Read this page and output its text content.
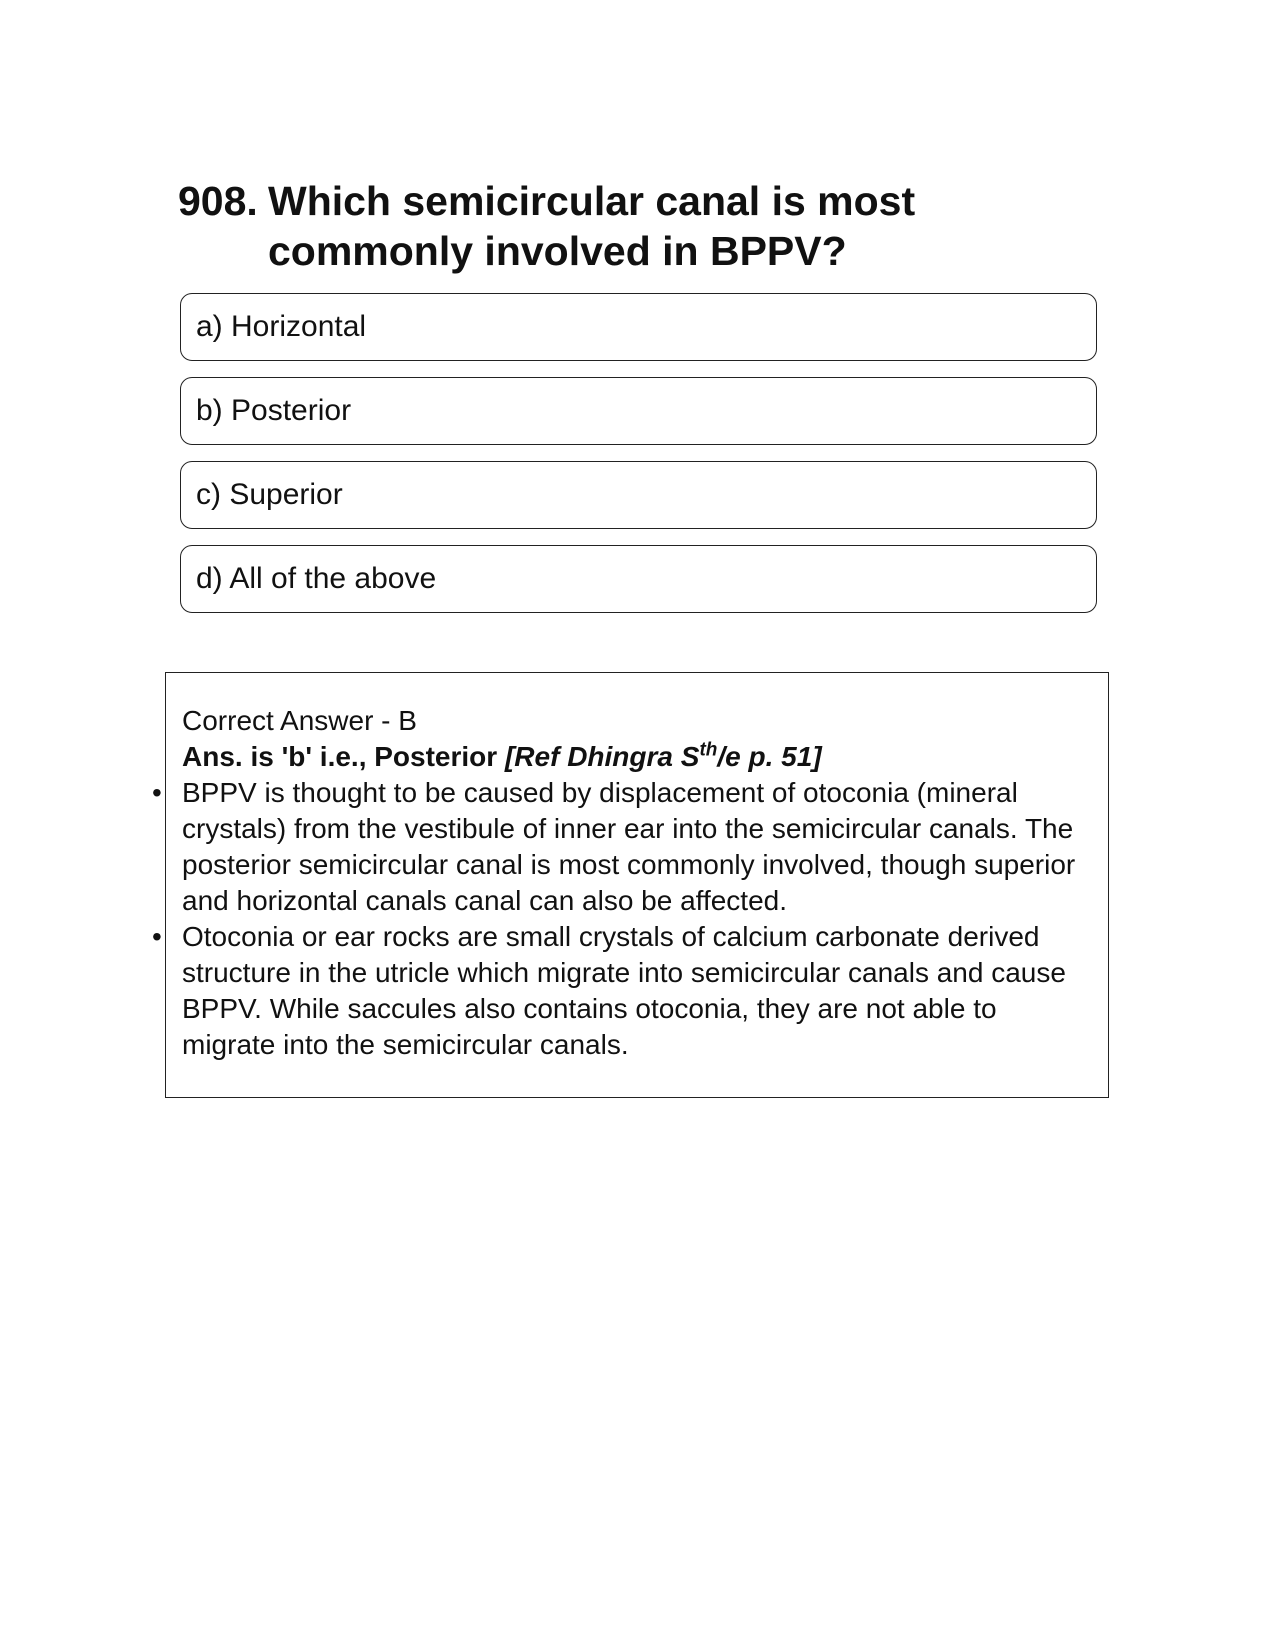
908. Which semicircular canal is most commonly involved in BPPV?
a) Horizontal
b) Posterior
c) Superior
d) All of the above

Correct Answer - B

Ans. is 'b' i.e., Posterior [Ref Dhingra $S^{th}/e$ p. 51]

• BPPV is thought to be caused by displacement of otoconia (mineral crystals) from the vestibule of inner ear into the semicircular canals. The posterior semicircular canal is most commonly involved, though superior and horizontal canals canal can also be affected.
• Otoconia or ear rocks are small crystals of calcium carbonate derived structure in the utricle which migrate into semicircular canals and cause BPPV. While saccules also contains otoconia, they are not able to migrate into the semicircular canals.
